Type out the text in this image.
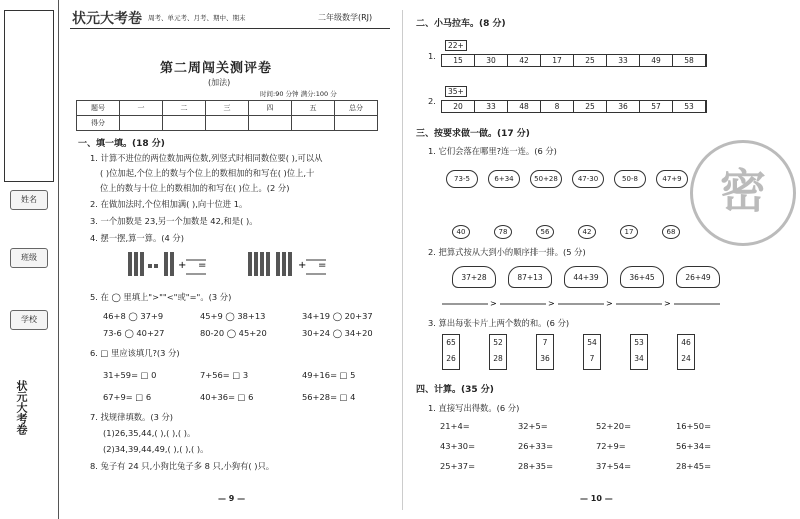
姓名
班级
学校
状元大考卷
状元大考卷 周考、单元考、月考、期中、期末	二年级数学(RJ)
第二周闯关测评卷
(加法)
时间:90 分钟 满分:100 分
题号	一	二	三	四	五	总分
得分						
一、填一填。(18 分)
1. 计算不进位的两位数加两位数,列竖式时相同数位要( ),可以从
( )位加起,个位上的数与个位上的数相加的和写在( )位上,十
位上的数与十位上的数相加的和写在( )位上。(2 分)
2. 在做加法时,个位相加满( ),向十位进 1。
3. 一个加数是 23,另一个加数是 42,和是( )。
4. 摆一摆,算一算。(4 分)
+ =	+ =
5. 在 ◯ 里填上">""<"或"="。(3 分)
46+8 ◯ 37+9	45+9 ◯ 38+13	34+19 ◯ 20+37
73-6 ◯ 40+27	80-20 ◯ 45+20	30+24 ◯ 34+20
6. □ 里应该填几?(3 分)
31+59= □ 0	7+56= □ 3	49+16= □ 5
67+9= □ 6	40+36= □ 6	56+28= □ 4
7. 找规律填数。(3 分)
(1)26,35,44,( ),( ),( )。
(2)34,39,44,49,( ),( ),( )。
8. 兔子有 24 只,小狗比兔子多 8 只,小狗有( )只。
— 9 —
二、小马拉车。(8 分)
1.
22+
15	30	42	17	25	33	49	58
2.
35+
20	33	48	8	25	36	57	53
三、按要求做一做。(17 分)
1. 它们会落在哪里?连一连。(6 分)
73-5	6+34	50+28	47-30	50-8	47+9
40	78	56	42	17	68
2. 把算式按从大到小的顺序排一排。(5 分)
37+28	87+13	44+39	36+45	26+49
>	>	>	>
3. 算出每张卡片上两个数的和。(6 分)
65
26
52
28
7
36
54
7
53
34
46
24
四、计算。(35 分)
1. 直接写出得数。(6 分)
21+4=	32+5=	52+20=	16+50=
43+30=	26+33=	72+9=	56+34=
25+37=	28+35=	37+54=	28+45=
密
— 10 —
